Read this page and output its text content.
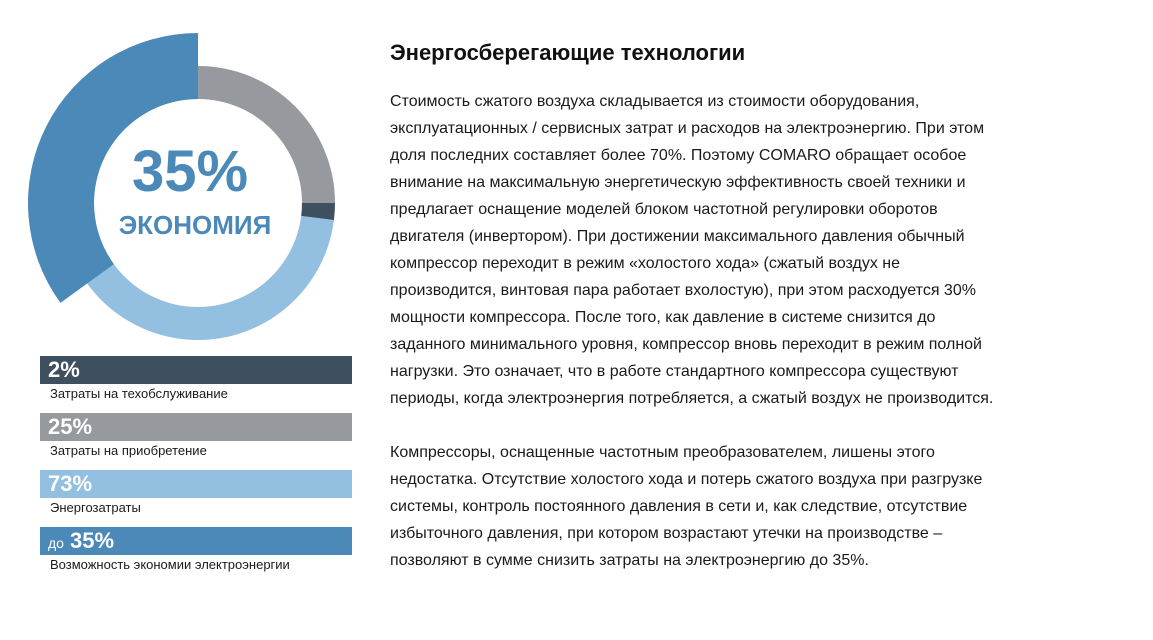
35%
ЭКОНОМИЯ
2%
Затраты на техобслуживание
25%
Затраты на приобретение
73%
Энергозатраты
до 35%
Возможность экономии электроэнергии
Энергосберегающие технологии

Стоимость сжатого воздуха складывается из стоимости оборудования,
эксплуатационных / сервисных затрат и расходов на электроэнергию. При этом
доля последних составляет более 70%. Поэтому COMARO обращает особое
внимание на максимальную энергетическую эффективность своей техники и
предлагает оснащение моделей блоком частотной регулировки оборотов
двигателя (инвертором). При достижении максимального давления обычный
компрессор переходит в режим «холостого хода» (сжатый воздух не
производится, винтовая пара работает вхолостую), при этом расходуется 30%
мощности компрессора. После того, как давление в системе снизится до
заданного минимального уровня, компрессор вновь переходит в режим полной
нагрузки. Это означает, что в работе стандартного компрессора существуют
периоды, когда электроэнергия потребляется, а сжатый воздух не производится.

Компрессоры, оснащенные частотным преобразователем, лишены этого
недостатка. Отсутствие холостого хода и потерь сжатого воздуха при разгрузке
системы, контроль постоянного давления в сети и, как следствие, отсутствие
избыточного давления, при котором возрастают утечки на производстве –
позволяют в сумме снизить затраты на электроэнергию до 35%.
